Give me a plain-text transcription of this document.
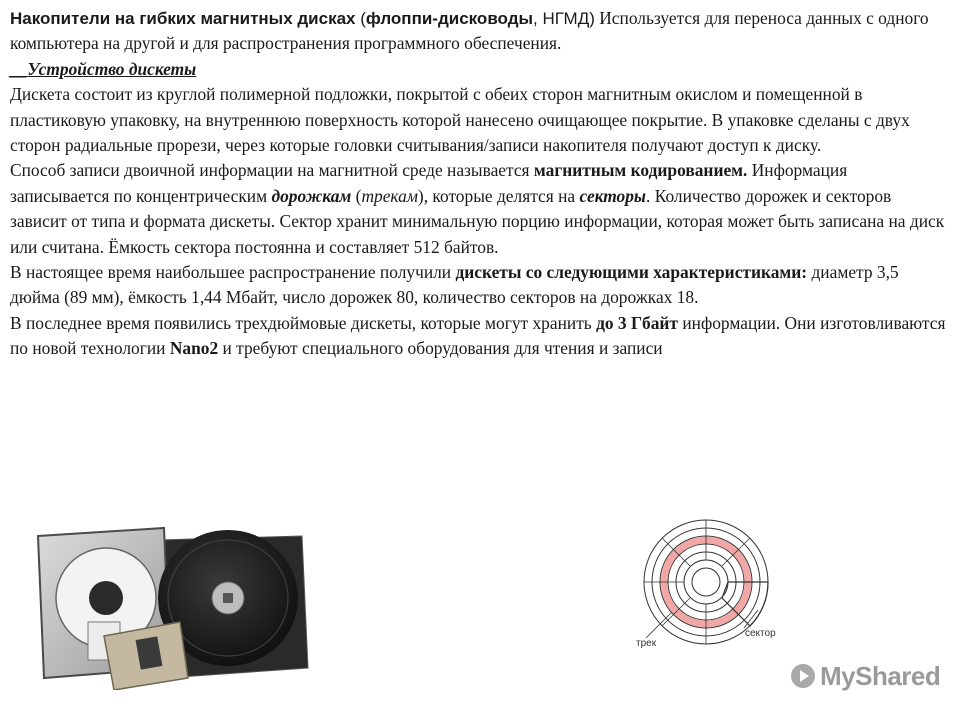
Накопители на гибких магнитных дисках (флоппи-дисководы, НГМД) Используется для переноса данных с одного компьютера на другой и для распространения программного обеспечения.

__Устройство дискеты

Дискета состоит из круглой полимерной подложки, покрытой с обеих сторон магнитным окислом и помещенной в пластиковую упаковку, на внутреннюю поверхность которой нанесено очищающее покрытие. В упаковке сделаны с двух сторон радиальные прорези, через которые головки считывания/записи накопителя получают доступ к диску.

Способ записи двоичной информации на магнитной среде называется магнитным кодированием. Информация записывается по концентрическим дорожкам (трекам), которые делятся на секторы. Количество дорожек и секторов зависит от типа и формата дискеты. Сектор хранит минимальную порцию информации, которая может быть записана на диск или считана. Ёмкость сектора постоянна и составляет 512 байтов.

В настоящее время наибольшее распространение получили дискеты со следующими характеристиками: диаметр 3,5 дюйма (89 мм), ёмкость 1,44 Мбайт, число дорожек 80, количество секторов на дорожках 18.

В последнее время появились трехдюймовые дискеты, которые могут хранить до 3 Гбайт информации. Они изготовливаются по новой технологии Nano2 и требуют специального оборудования для чтения и записи

трек
сектор
MyShared
